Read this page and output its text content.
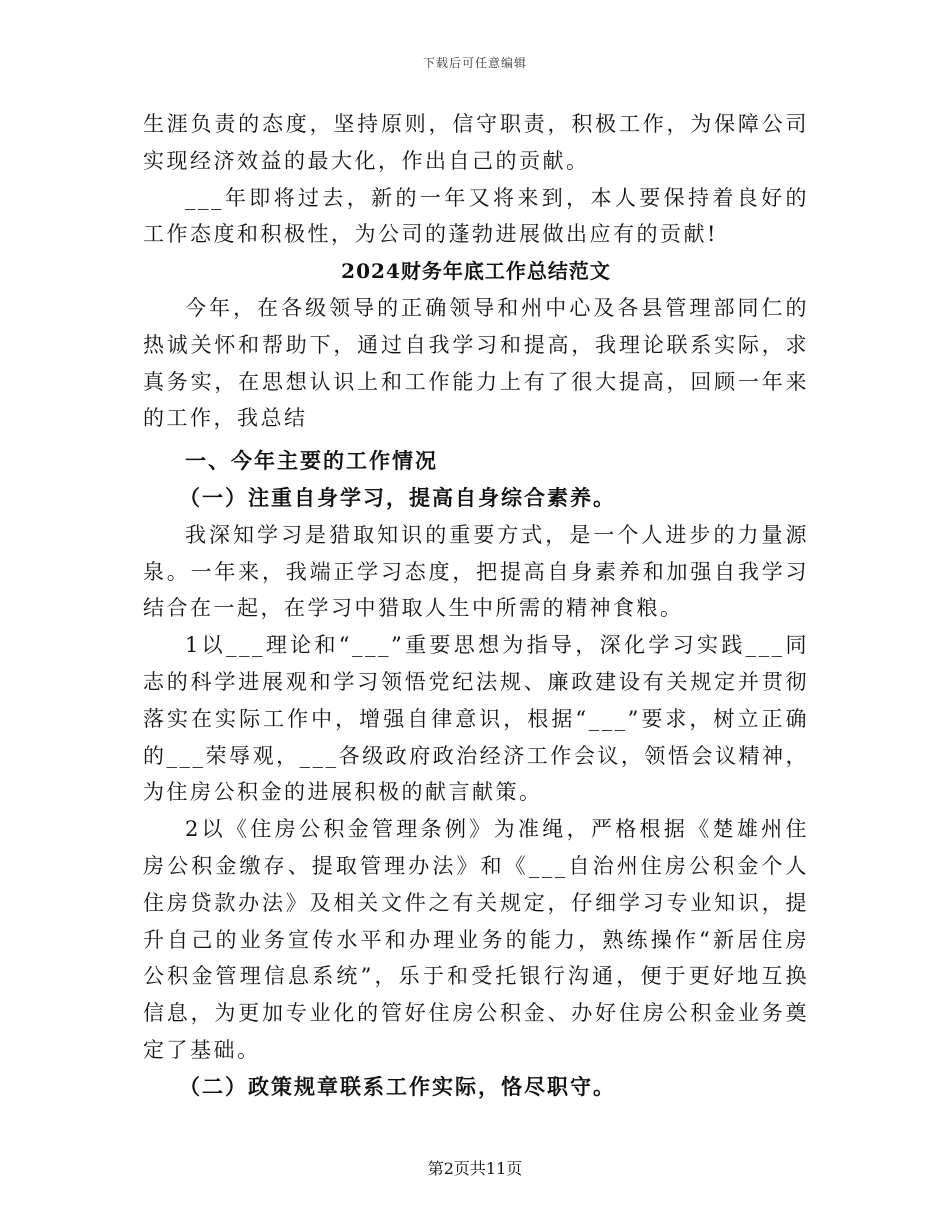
下载后可任意编辑

生涯负责的态度，坚持原则，信守职责，积极工作，为保障公司实现经济效益的最大化，作出自己的贡献。

___年即将过去，新的一年又将来到，本人要保持着良好的工作态度和积极性，为公司的蓬勃进展做出应有的贡献!

2024财务年底工作总结范文

今年，在各级领导的正确领导和州中心及各县管理部同仁的热诚关怀和帮助下，通过自我学习和提高，我理论联系实际，求真务实，在思想认识上和工作能力上有了很大提高，回顾一年来的工作，我总结

一、今年主要的工作情况

（一）注重自身学习，提高自身综合素养。

我深知学习是猎取知识的重要方式，是一个人进步的力量源泉。一年来，我端正学习态度，把提高自身素养和加强自我学习结合在一起，在学习中猎取人生中所需的精神食粮。

1以___理论和“___”重要思想为指导，深化学习实践___同志的科学进展观和学习领悟党纪法规、廉政建设有关规定并贯彻落实在实际工作中，增强自律意识，根据“___”要求，树立正确的___荣辱观，___各级政府政治经济工作会议，领悟会议精神，为住房公积金的进展积极的献言献策。

2以《住房公积金管理条例》为准绳，严格根据《楚雄州住房公积金缴存、提取管理办法》和《___自治州住房公积金个人住房贷款办法》及相关文件之有关规定，仔细学习专业知识，提升自己的业务宣传水平和办理业务的能力，熟练操作“新居住房公积金管理信息系统”，乐于和受托银行沟通，便于更好地互换信息，为更加专业化的管好住房公积金、办好住房公积金业务奠定了基础。

（二）政策规章联系工作实际，恪尽职守。

第2页共11页
